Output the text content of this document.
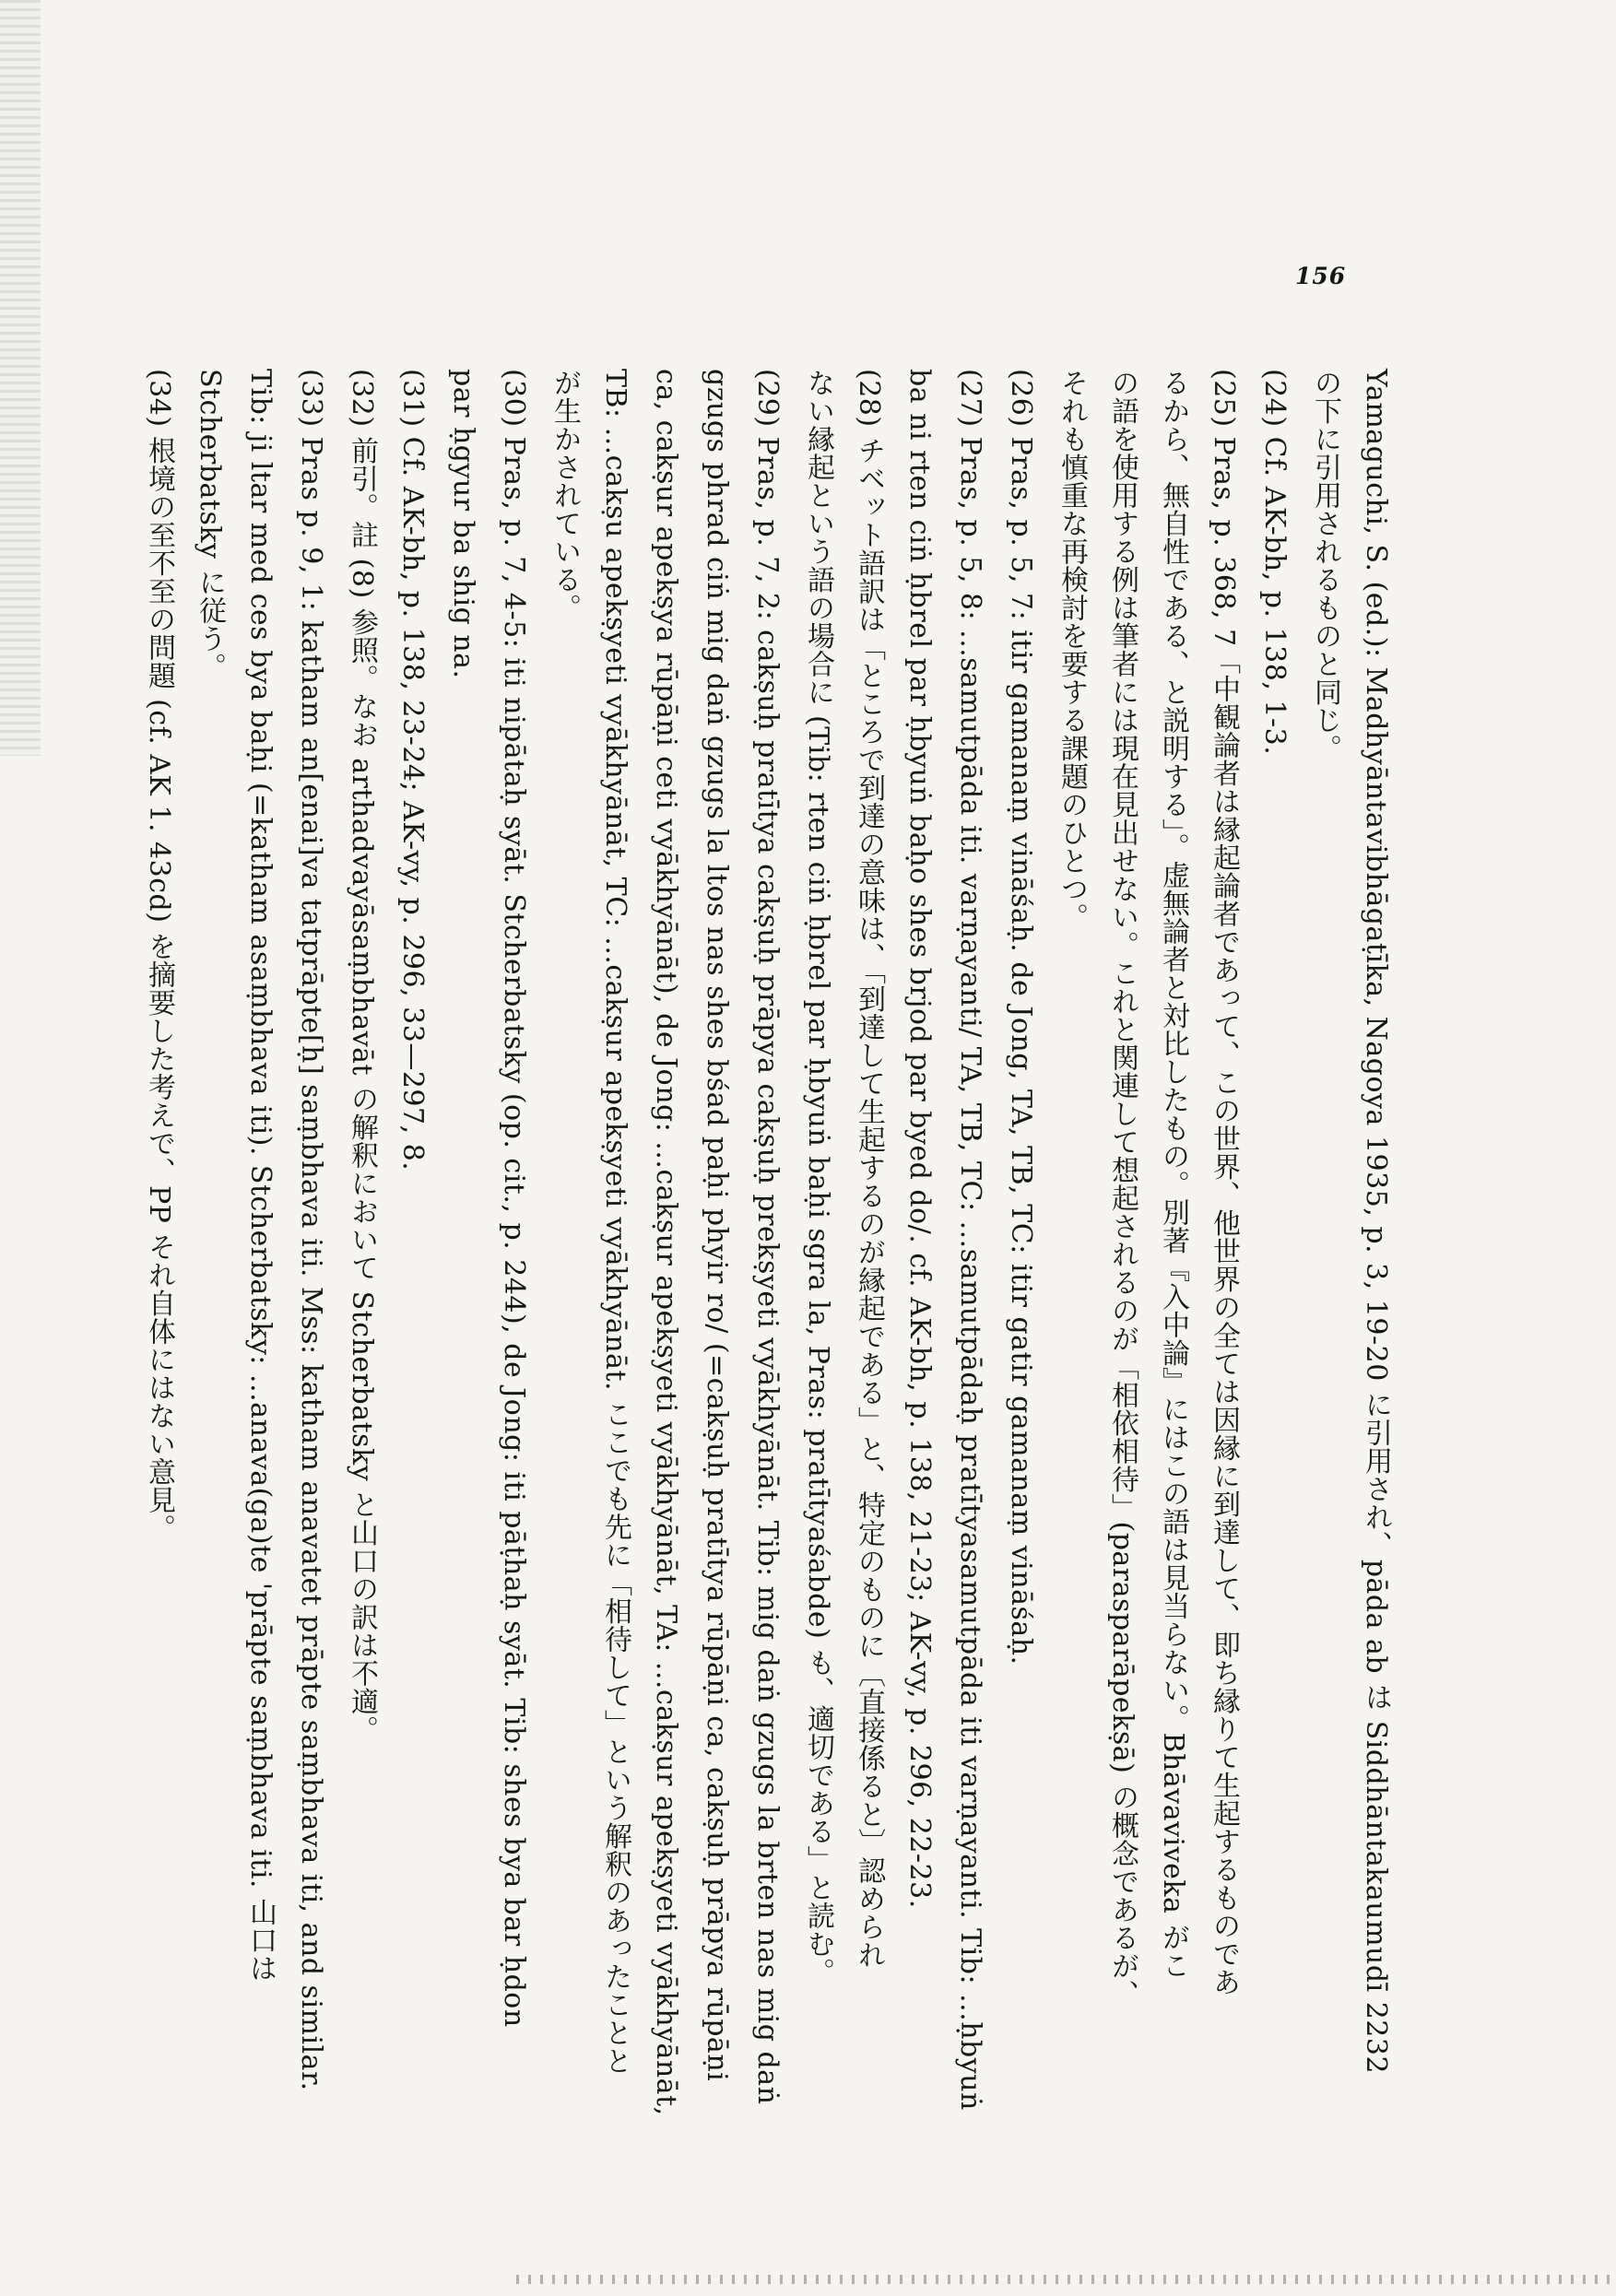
156
Yamaguchi, S. (ed.): Madhyāntavibhāgaṭīka, Nagoya 1935, p. 3, 19-20 に引用され、pāda ab は Siddhāntakaumudī 2232
の下に引用されるものと同じ。
(24) Cf. AK-bh, p. 138, 1-3.
(25) Pras, p. 368, 7「中観論者は縁起論者であって、この世界、他世界の全ては因縁に到達して、即ち縁りて生起するものであ
るから、無自性である、と説明する」。虚無論者と対比したもの。別著『入中論』にはこの語は見当らない。Bhāvaviveka がこ
の語を使用する例は筆者には現在見出せない。これと関連して想起されるのが「相依相待」(parasparāpekṣā) の概念であるが、
それも慎重な再検討を要する課題のひとつ。
(26) Pras, p. 5, 7: itir gamanaṃ vināśaḥ. de Jong, TA, TB, TC: itir gatir gamanaṃ vināśaḥ.
(27) Pras, p. 5, 8: ...samutpāda iti. varṇayanti/ TA, TB, TC: ...samutpādaḥ pratītyasamutpāda iti varṇayanti. Tib: ...ḥbyuṅ
ba ni rten ciṅ ḥbrel par ḥbyuṅ baḥo shes brjod par byed do/. cf. AK-bh, p. 138, 21-23; AK-vy, p. 296, 22-23.
(28) チベット語訳は「ところで到達の意味は、「到達して生起するのが縁起である」と、特定のものに〔直接係ると〕認められ
ない縁起という語の場合に (Tib: rten ciṅ ḥbrel par ḥbyuṅ baḥi sgra la, Pras: pratītyaśabde) も、適切である」と読む。
(29) Pras, p. 7, 2: cakṣuḥ pratītya cakṣuḥ prāpya cakṣuḥ prekṣyeti vyākhyānāt. Tib: mig daṅ gzugs la brten nas mig daṅ
gzugs phrad ciṅ mig daṅ gzugs la ltos nas shes bśad paḥi phyir ro/ (=cakṣuḥ pratītya rūpāṇi ca, cakṣuḥ prāpya rūpāṇi
ca, cakṣur apekṣya rūpāṇi ceti vyākhyānāt), de Jong: ...cakṣur apekṣyeti vyākhyānāt, TA: ...cakṣur apekṣyeti vyākhyānāt,
TB: ...cakṣu apekṣyeti vyākhyānāt, TC: ...cakṣur apekṣyeti vyākhyānāt. ここでも先に「相待して」という解釈のあったことと
が生かされている。
(30) Pras, p. 7, 4-5: iti nipātaḥ syāt. Stcherbatsky (op. cit., p. 244), de Jong: iti pāṭhaḥ syāt. Tib: shes bya bar ḥdon
par ḥgyur ba shig na.
(31) Cf. AK-bh, p. 138, 23-24; AK-vy, p. 296, 33—297, 8.
(32) 前引。註 (8) 参照。なお arthadvayāsaṃbhavāt の解釈において Stcherbatsky と山口の訳は不適。
(33) Pras p. 9, 1: katham an[enai]va tatprāpte[ḥ] saṃbhava iti. Mss: katham anavatet prāpte saṃbhava iti, and similar.
Tib: ji ltar med ces bya baḥi (=katham asaṃbhava iti). Stcherbatsky: ...anava(ga)te 'prāpte saṃbhava iti. 山口は
Stcherbatsky に従う。
(34) 根境の至不至の問題 (cf. AK 1. 43cd) を摘要した考えで、PP それ自体にはない意見。
